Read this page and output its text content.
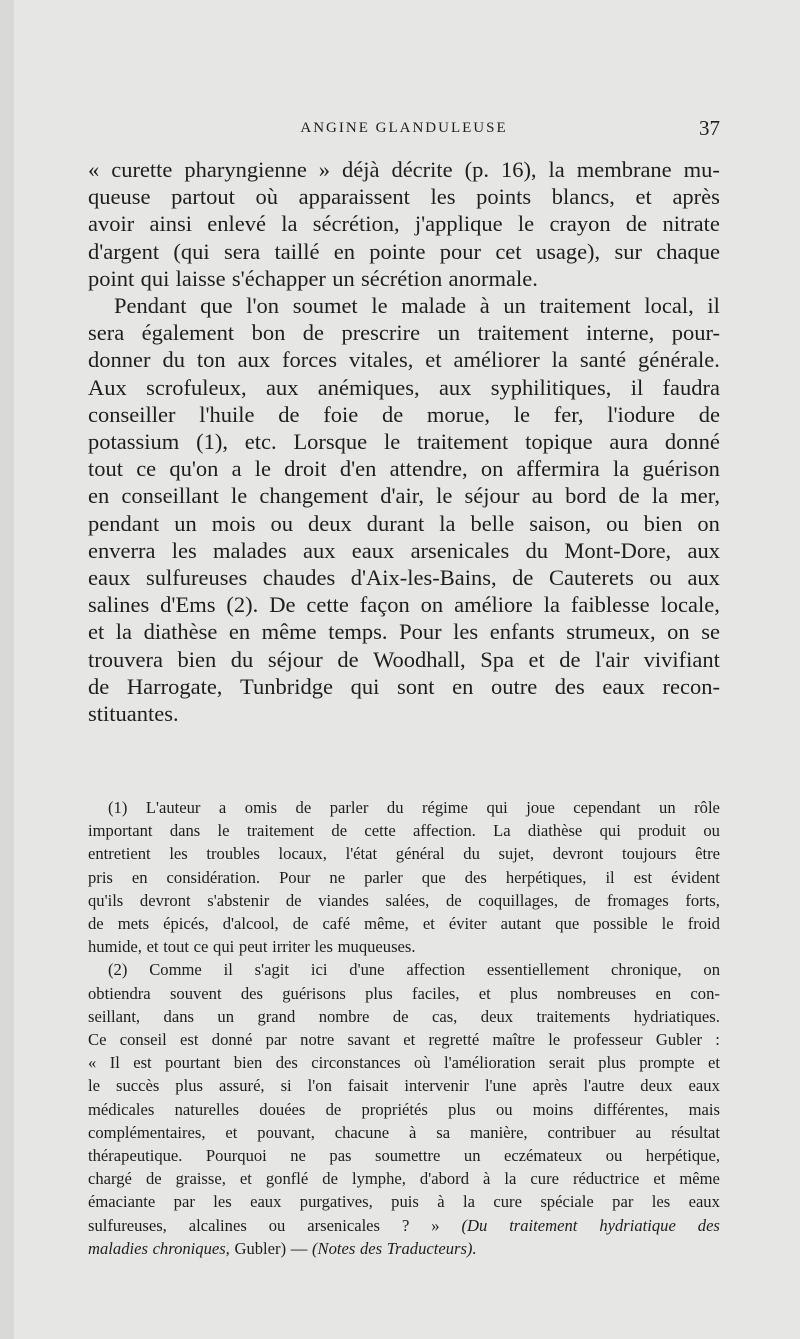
ANGINE GLANDULEUSE	37
« curette pharyngienne » déjà décrite (p. 16), la membrane mu-
queuse partout où apparaissent les points blancs, et après
avoir ainsi enlevé la sécrétion, j'applique le crayon de nitrate
d'argent (qui sera taillé en pointe pour cet usage), sur chaque
point qui laisse s'échapper un sécrétion anormale.
Pendant que l'on soumet le malade à un traitement local, il
sera également bon de prescrire un traitement interne, pour-
donner du ton aux forces vitales, et améliorer la santé générale.
Aux scrofuleux, aux anémiques, aux syphilitiques, il faudra
conseiller l'huile de foie de morue, le fer, l'iodure de
potassium (1), etc. Lorsque le traitement topique aura donné
tout ce qu'on a le droit d'en attendre, on affermira la guérison
en conseillant le changement d'air, le séjour au bord de la mer,
pendant un mois ou deux durant la belle saison, ou bien on
enverra les malades aux eaux arsenicales du Mont-Dore, aux
eaux sulfureuses chaudes d'Aix-les-Bains, de Cauterets ou aux
salines d'Ems (2). De cette façon on améliore la faiblesse locale,
et la diathèse en même temps. Pour les enfants strumeux, on se
trouvera bien du séjour de Woodhall, Spa et de l'air vivifiant
de Harrogate, Tunbridge qui sont en outre des eaux recon-
stituantes.
(1) L'auteur a omis de parler du régime qui joue cependant un rôle
important dans le traitement de cette affection. La diathèse qui produit ou
entretient les troubles locaux, l'état général du sujet, devront toujours être
pris en considération. Pour ne parler que des herpétiques, il est évident
qu'ils devront s'abstenir de viandes salées, de coquillages, de fromages forts,
de mets épicés, d'alcool, de café même, et éviter autant que possible le froid
humide, et tout ce qui peut irriter les muqueuses.
(2) Comme il s'agit ici d'une affection essentiellement chronique, on
obtiendra souvent des guérisons plus faciles, et plus nombreuses en con-
seillant, dans un grand nombre de cas, deux traitements hydriatiques.
Ce conseil est donné par notre savant et regretté maître le professeur Gubler :
« Il est pourtant bien des circonstances où l'amélioration serait plus prompte et
le succès plus assuré, si l'on faisait intervenir l'une après l'autre deux eaux
médicales naturelles douées de propriétés plus ou moins différentes, mais
complémentaires, et pouvant, chacune à sa manière, contribuer au résultat
thérapeutique. Pourquoi ne pas soumettre un eczémateux ou herpétique,
chargé de graisse, et gonflé de lymphe, d'abord à la cure réductrice et même
émaciante par les eaux purgatives, puis à la cure spéciale par les eaux
sulfureuses, alcalines ou arsenicales ? » (Du traitement hydriatique des
maladies chroniques, Gubler) — (Notes des Traducteurs).
